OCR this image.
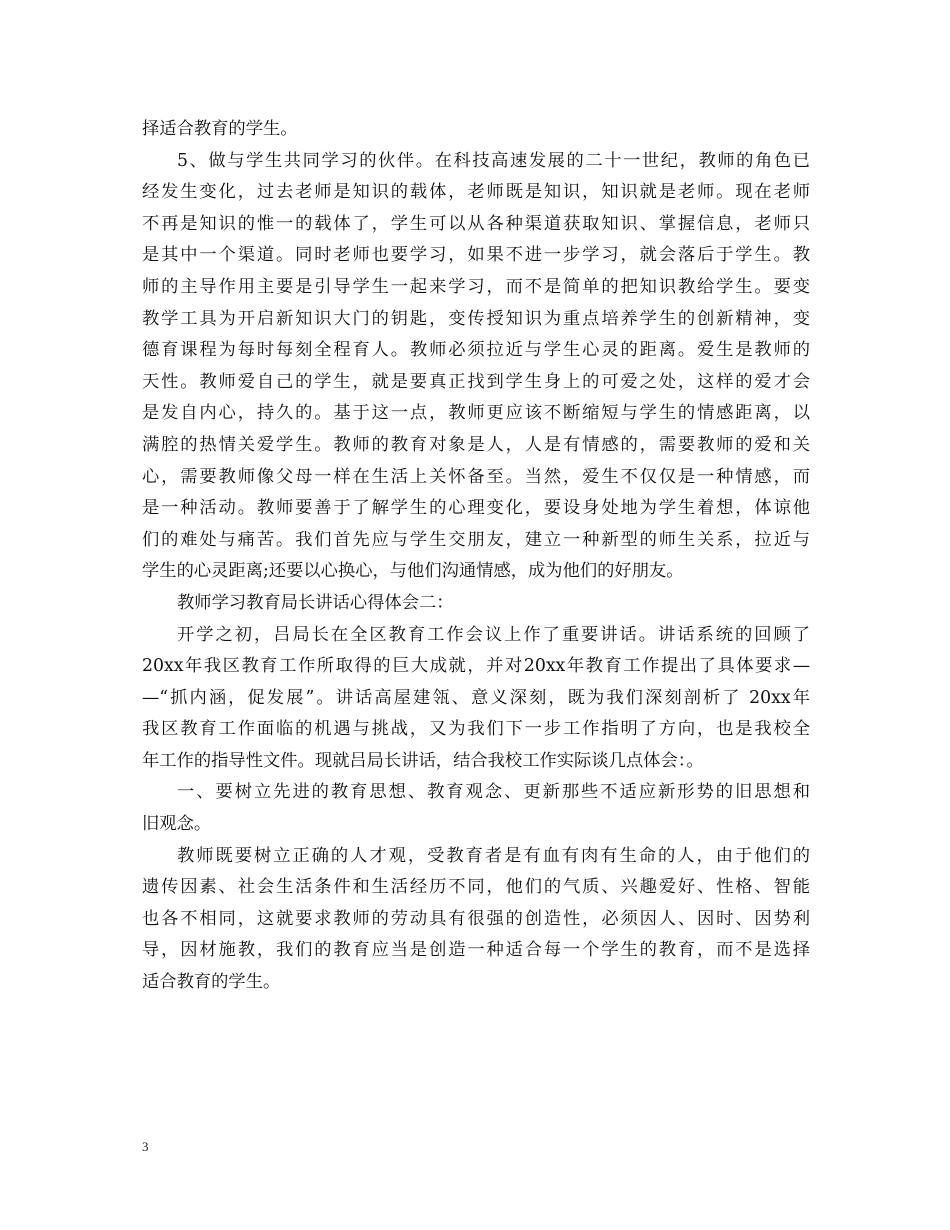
择适合教育的学生。
5、做与学生共同学习的伙伴。在科技高速发展的二十一世纪，教师的角色已
经发生变化，过去老师是知识的载体，老师既是知识，知识就是老师。现在老师
不再是知识的惟一的载体了，学生可以从各种渠道获取知识、掌握信息，老师只
是其中一个渠道。同时老师也要学习，如果不进一步学习，就会落后于学生。教
师的主导作用主要是引导学生一起来学习，而不是简单的把知识教给学生。要变
教学工具为开启新知识大门的钥匙，变传授知识为重点培养学生的创新精神，变
德育课程为每时每刻全程育人。教师必须拉近与学生心灵的距离。爱生是教师的
天性。教师爱自己的学生，就是要真正找到学生身上的可爱之处，这样的爱才会
是发自内心，持久的。基于这一点，教师更应该不断缩短与学生的情感距离，以
满腔的热情关爱学生。教师的教育对象是人，人是有情感的，需要教师的爱和关
心，需要教师像父母一样在生活上关怀备至。当然，爱生不仅仅是一种情感，而
是一种活动。教师要善于了解学生的心理变化，要设身处地为学生着想，体谅他
们的难处与痛苦。我们首先应与学生交朋友，建立一种新型的师生关系，拉近与
学生的心灵距离;还要以心换心，与他们沟通情感，成为他们的好朋友。
教师学习教育局长讲话心得体会二：
开学之初，吕局长在全区教育工作会议上作了重要讲话。讲话系统的回顾了
20xx年我区教育工作所取得的巨大成就，并对20xx年教育工作提出了具体要求—
—“抓内涵，促发展”。讲话高屋建瓴、意义深刻，既为我们深刻剖析了 20xx年
我区教育工作面临的机遇与挑战，又为我们下一步工作指明了方向，也是我校全
年工作的指导性文件。现就吕局长讲话，结合我校工作实际谈几点体会：。
一、要树立先进的教育思想、教育观念、更新那些不适应新形势的旧思想和
旧观念。
教师既要树立正确的人才观，受教育者是有血有肉有生命的人，由于他们的
遗传因素、社会生活条件和生活经历不同，他们的气质、兴趣爱好、性格、智能
也各不相同，这就要求教师的劳动具有很强的创造性，必须因人、因时、因势利
导，因材施教，我们的教育应当是创造一种适合每一个学生的教育，而不是选择
适合教育的学生。
3
